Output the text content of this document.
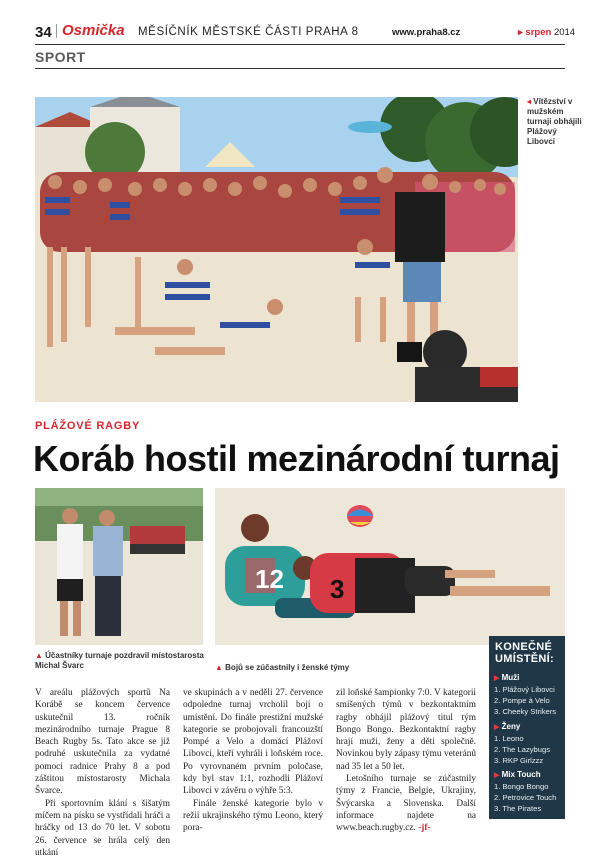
34 Osmička MĚSÍČNÍK MĚSTSKÉ ČÁSTI PRAHA 8	www.praha8.cz	▸ srpen 2014
SPORT
◂ Vítězství v mužském turnaji obhájili Plážový Libovci
PLÁŽOVÉ RAGBY
Koráb hostil mezinárodní turnaj
12 3
▲ Účastníky turnaje pozdravil místostarosta Michal Švarc	▲ Bojů se zúčastnily i ženské týmy

V areálu plážových sportů Na Korábě se koncem července uskutečnil 13. ročník mezinárodního turnaje Prague 8 Beach Rugby 5s. Tato akce se již podruhé uskutečnila za vydatné pomoci radnice Prahy 8 a pod záštitou místostarosty Michala Švarce.

Při sportovním klání s šišatým míčem na písku se vystřídali hráči a hráčky od 13 do 70 let. V sobotu 26. července se hrála celý den utkání

ve skupinách a v neděli 27. července odpoledne turnaj vrcholil boji o umístění. Do finále prestižní mužské kategorie se probojovali francouzští Pompé a Velo a domácí Plážoví Libovci, kteří vyhráli i loňském roce. Po vyrovnaném prvním poločase, kdy byl stav 1:1, rozhodli Plážoví Libovci v závěru o výhře 5:3.

Finále ženské kategorie bylo v režii ukrajinského týmu Leono, který pora-

zil loňské šampionky 7:0. V kategorii smíšených týmů v bezkontaktním ragby obhájil plážový titul tým Bongo Bongo. Bezkontaktní ragby hrají muži, ženy a děti společně. Novinkou byly zápasy týmu veteránů nad 35 let a 50 let.

Letošního turnaje se zúčastnily týmy z Francie, Belgie, Ukrajiny, Švýcarska a Slovenska. Další informace najdete na www.beach.rugby.cz. -jf-

KONEČNÉ
UMÍSTĚNÍ:
▶ Muži
1. Plážový Libovci
2. Pompe à Velo
3. Cheeky Strikers
▶ Ženy
1. Leono
2. The Lazybugs
3. RKP Girlzzz
▶ Mix Touch
1. Bongo Bongo
2. Petrovice Touch
3. The Pirates
